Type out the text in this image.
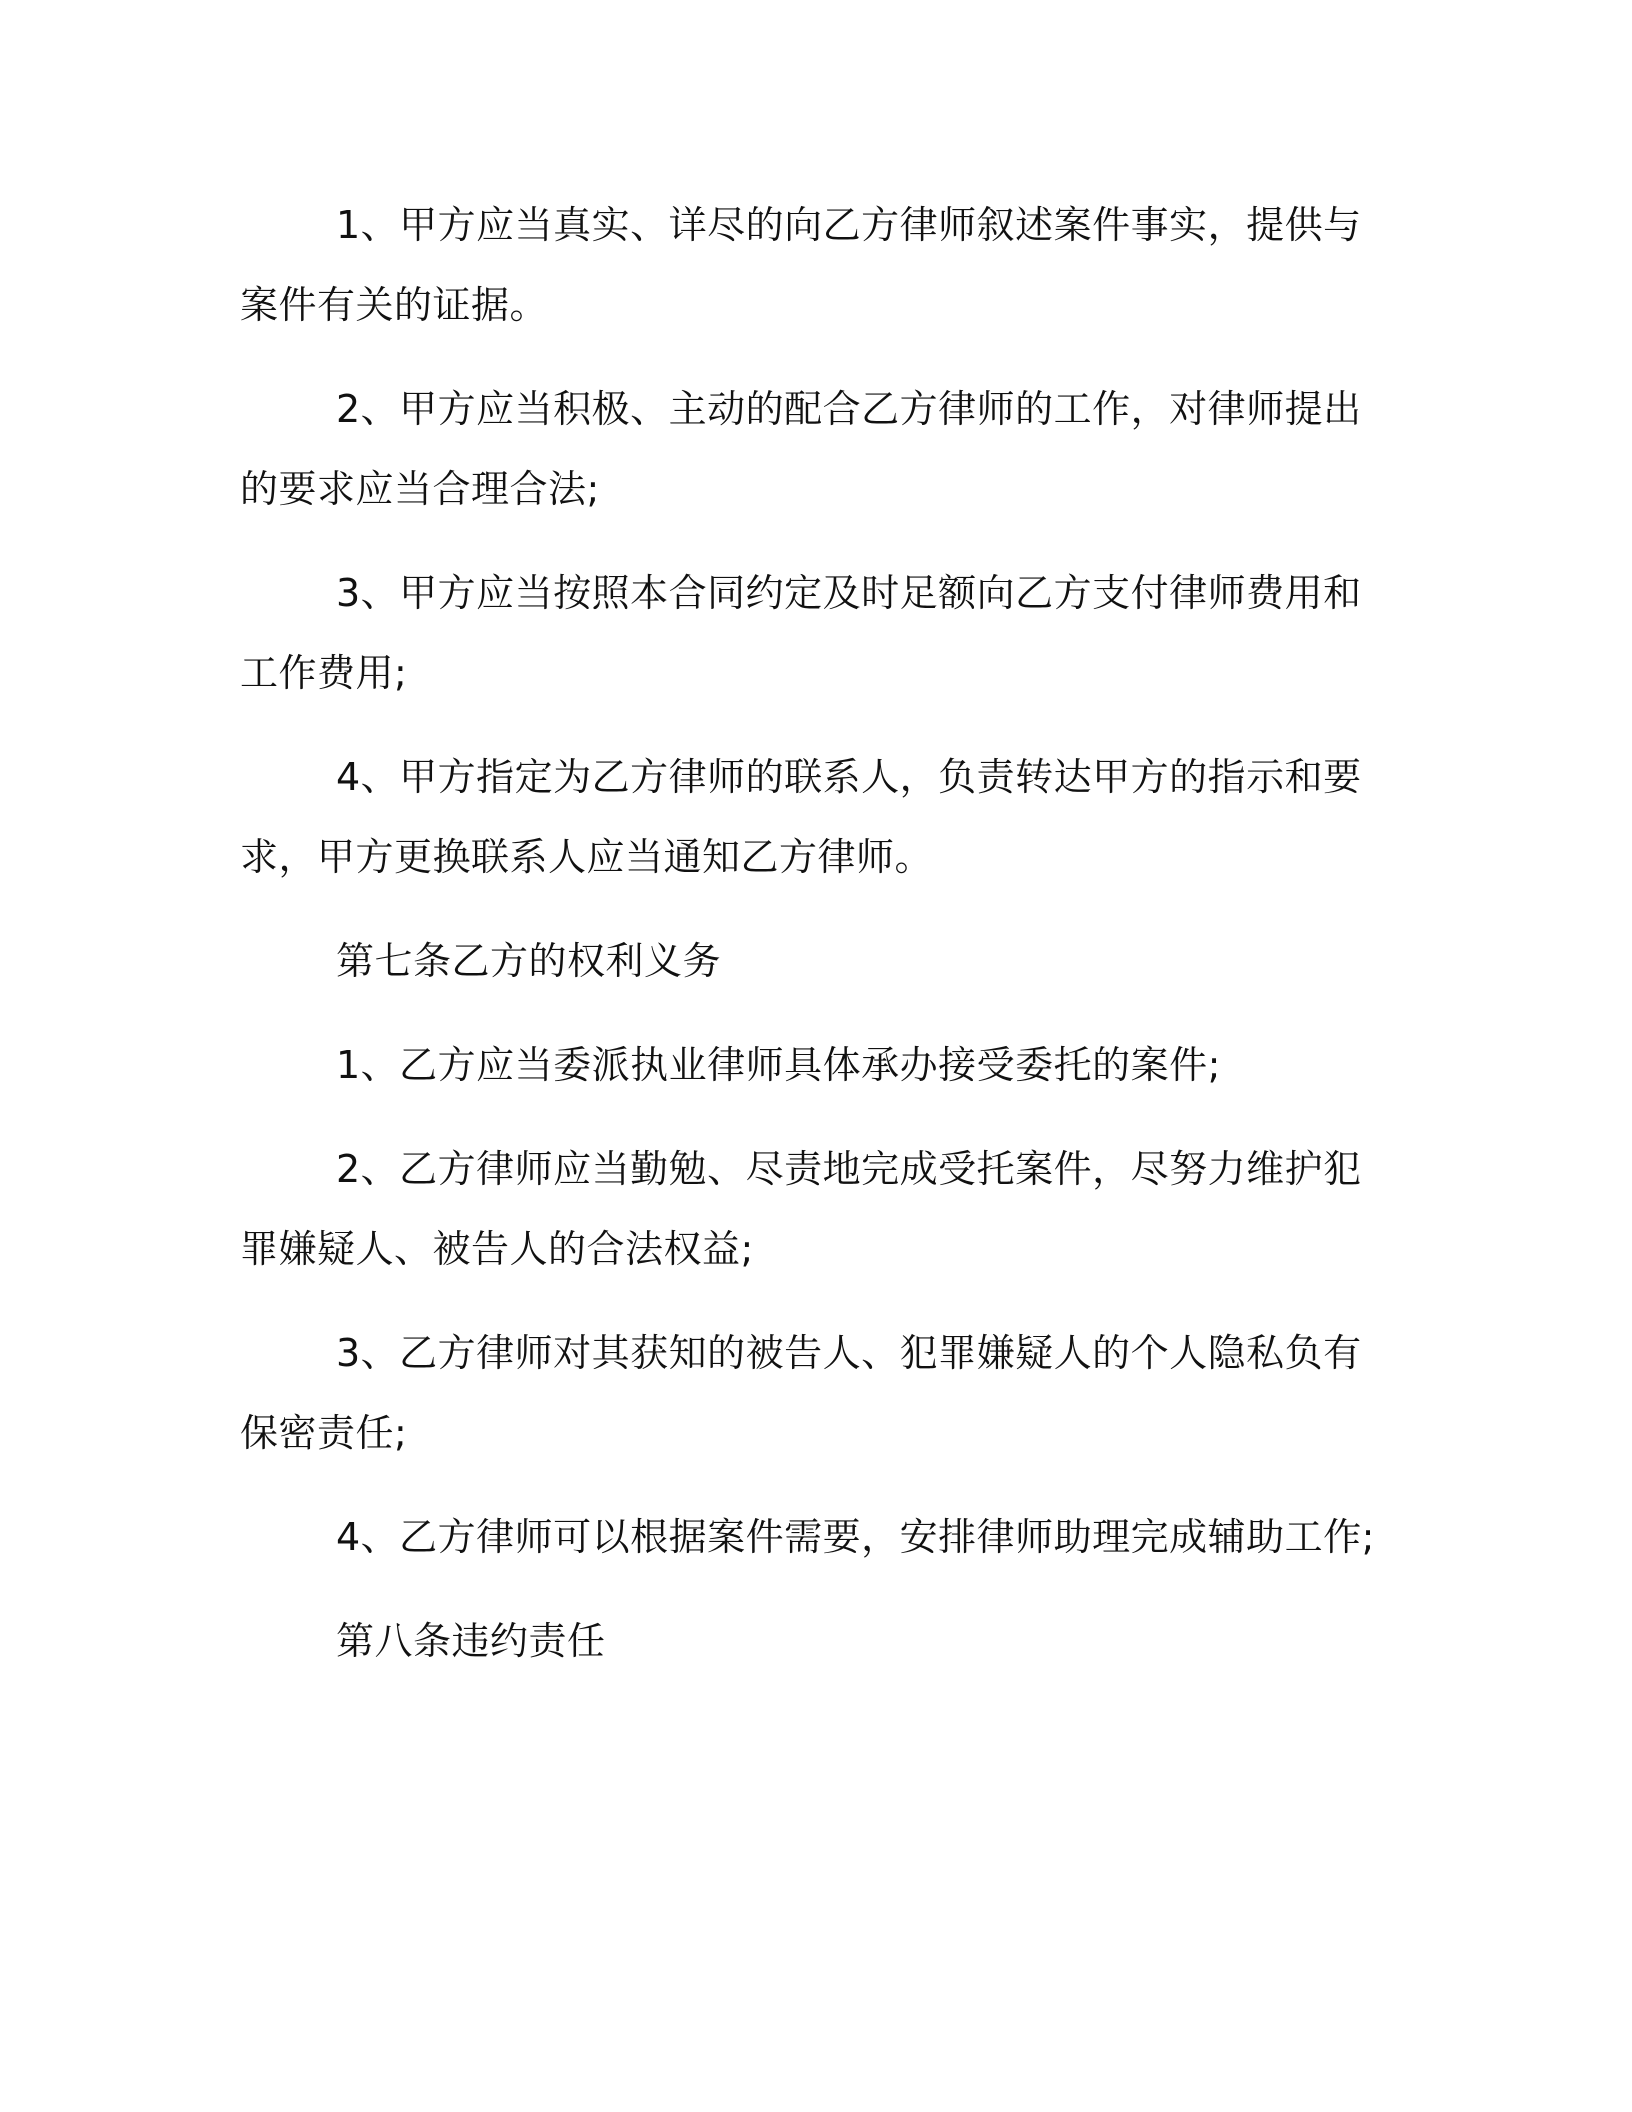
1、甲方应当真实、详尽的向乙方律师叙述案件事实，提供与案件有关的证据。

2、甲方应当积极、主动的配合乙方律师的工作，对律师提出的要求应当合理合法;

3、甲方应当按照本合同约定及时足额向乙方支付律师费用和工作费用;

4、甲方指定为乙方律师的联系人，负责转达甲方的指示和要求，甲方更换联系人应当通知乙方律师。

第七条乙方的权利义务

1、乙方应当委派执业律师具体承办接受委托的案件;

2、乙方律师应当勤勉、尽责地完成受托案件，尽努力维护犯罪嫌疑人、被告人的合法权益;

3、乙方律师对其获知的被告人、犯罪嫌疑人的个人隐私负有保密责任;

4、乙方律师可以根据案件需要，安排律师助理完成辅助工作;

第八条违约责任
